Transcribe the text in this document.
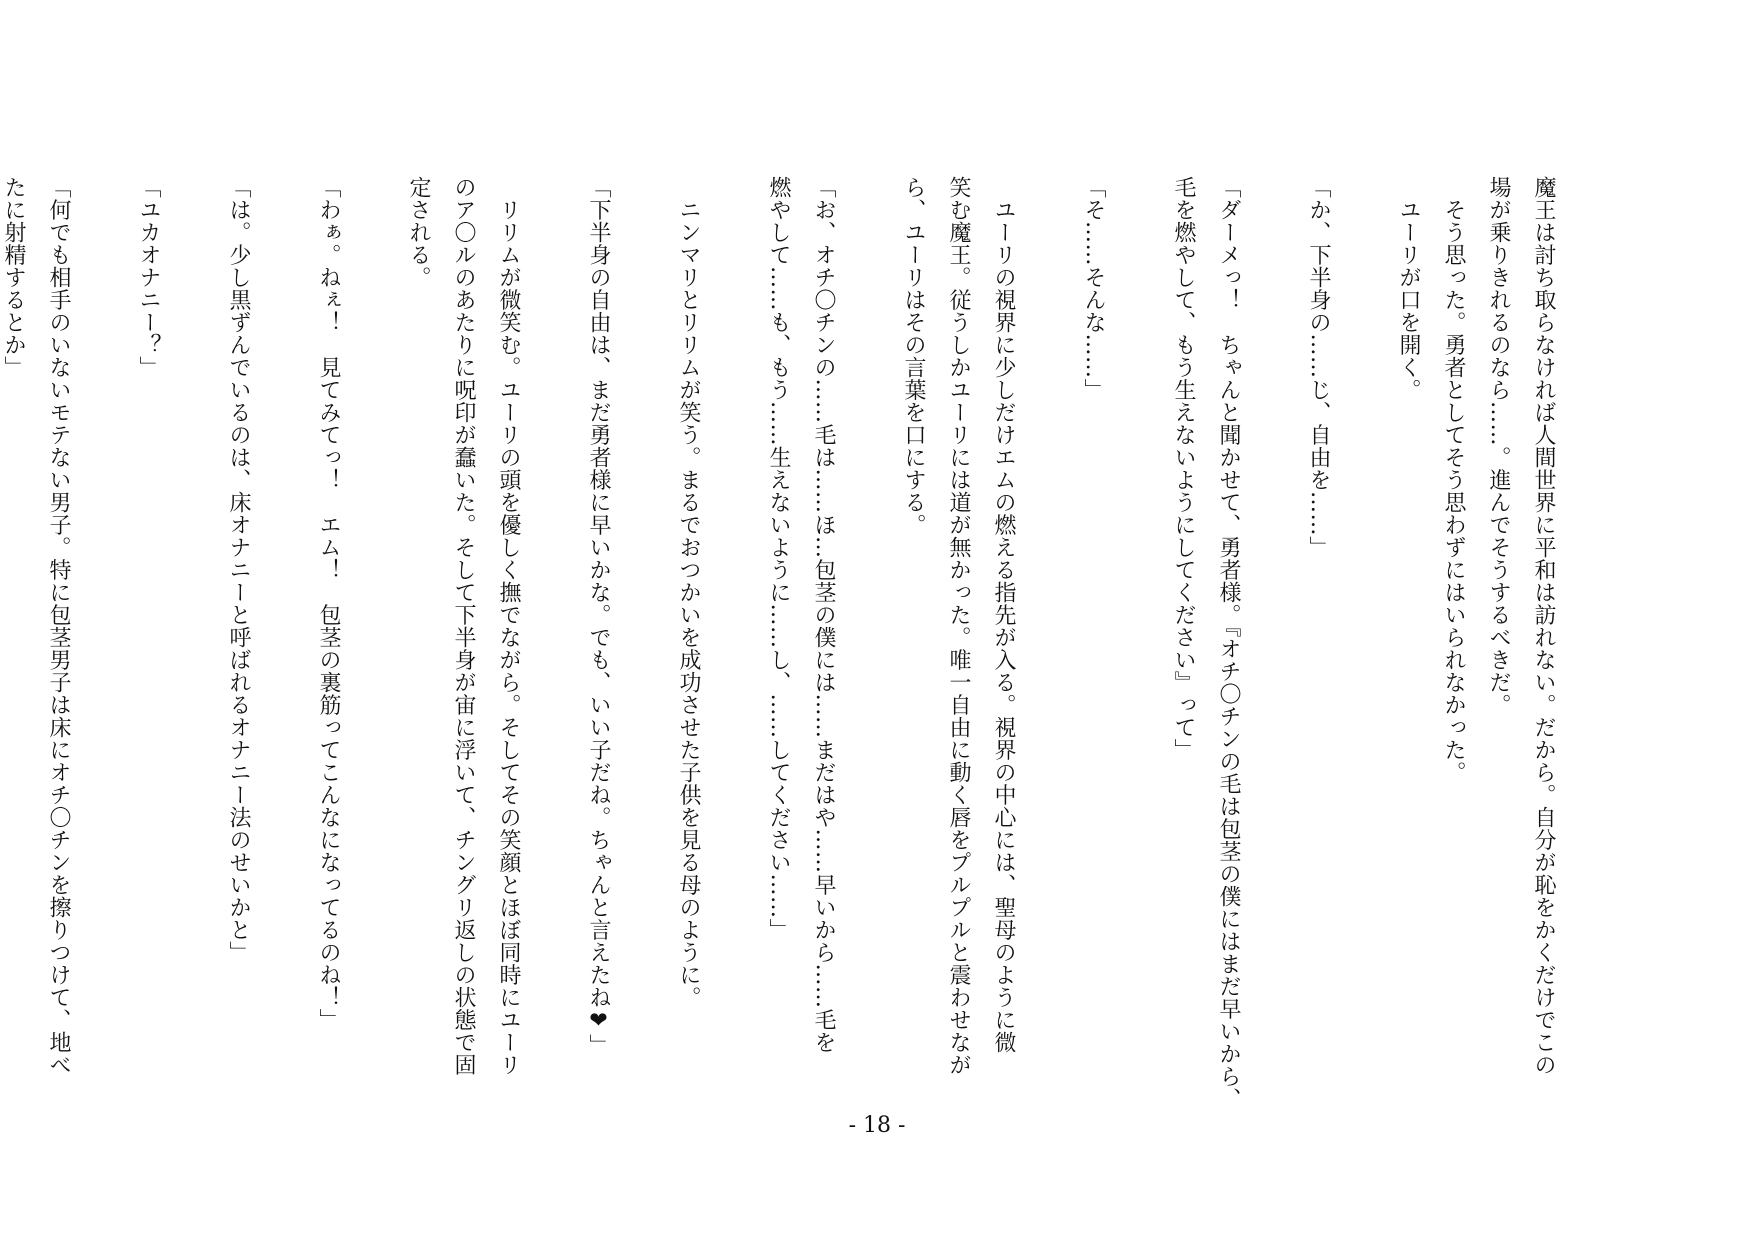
魔王は討ち取らなければ人間世界に平和は訪れない。だから。自分が恥をかくだけでこの
場が乗りきれるのなら……。進んでそうするべきだ。
　そう思った。勇者としてそう思わずにはいられなかった。
　ユーリが口を開く。

「か、下半身の……じ、自由を……」

「ダーメっ！　ちゃんと聞かせて、勇者様。『オチ〇チンの毛は包茎の僕にはまだ早いから、
毛を燃やして、もう生えないようにしてください』って」

「そ……そんな……」

　ユーリの視界に少しだけエムの燃える指先が入る。視界の中心には、聖母のように微
笑む魔王。従うしかユーリには道が無かった。唯一自由に動く唇をプルプルと震わせなが
ら、ユーリはその言葉を口にする。

「お、オチ〇チンの……毛は……ほ…包茎の僕には……まだはや……早いから……毛を
燃やして……も、もう……生えないように……し、……してください……」

　ニンマリとリリムが笑う。まるでおつかいを成功させた子供を見る母のように。

「下半身の自由は、まだ勇者様に早いかな。でも、いい子だね。ちゃんと言えたね❤」

　リリムが微笑む。ユーリの頭を優しく撫でながら。そしてその笑顔とほぼ同時にユーリ
のア〇ルのあたりに呪印が蠢いた。そして下半身が宙に浮いて、チングリ返しの状態で固
定される。

「わぁ。ねぇ！　見てみてっ！　エム！　包茎の裏筋ってこんなになってるのね！」

「は。少し黒ずんでいるのは、床オナニーと呼ばれるオナニー法のせいかと」

「ユカオナニー？」

「何でも相手のいないモテない男子。特に包茎男子は床にオチ〇チンを擦りつけて、地べ
たに射精するとか」
- 18 -
